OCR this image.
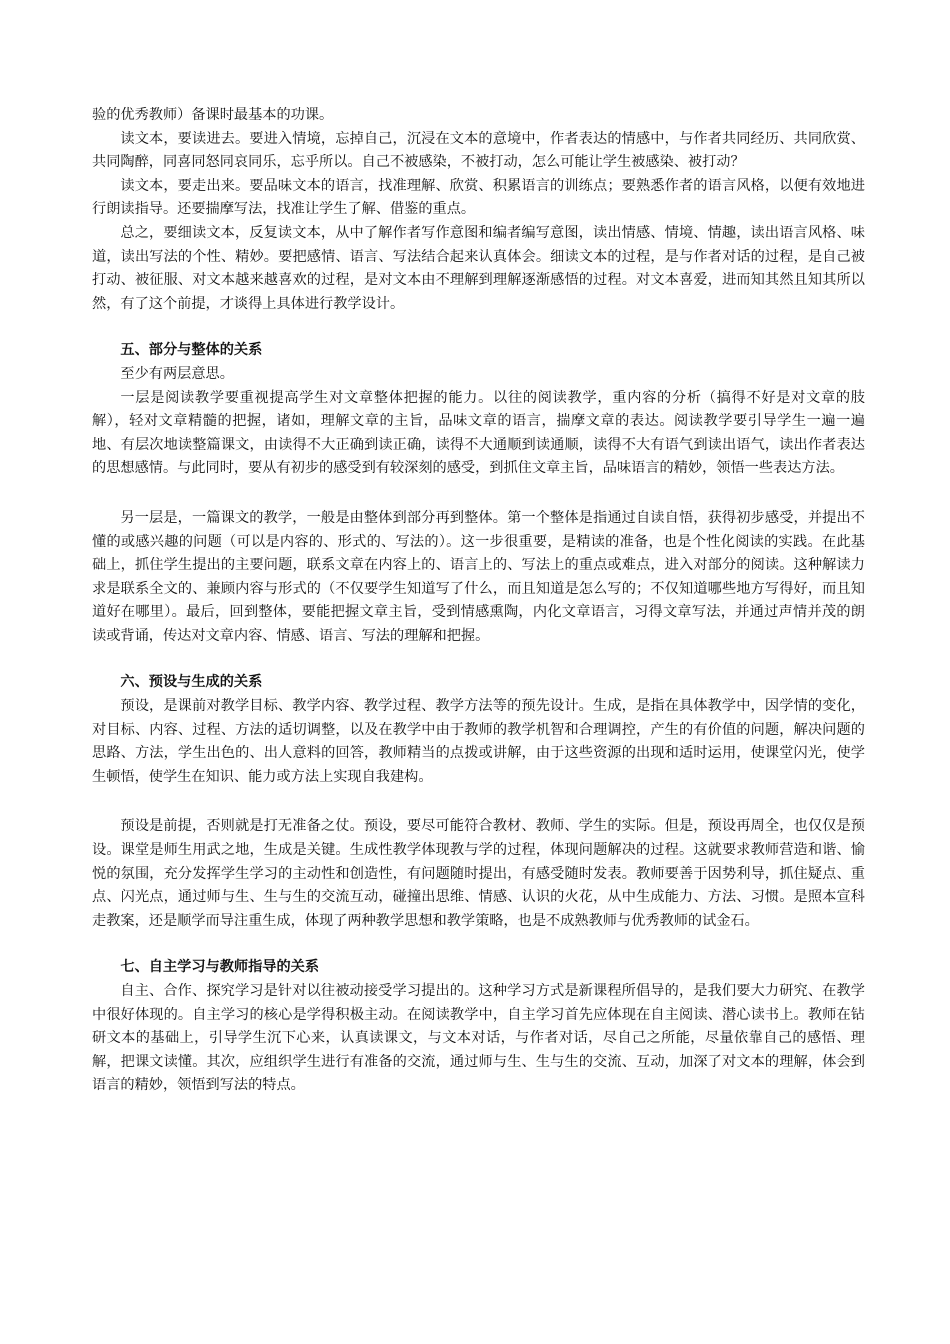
验的优秀教师）备课时最基本的功课。

读文本，要读进去。要进入情境，忘掉自己，沉浸在文本的意境中，作者表达的情感中，与作者共同经历、共同欣赏、共同陶醉，同喜同怒同哀同乐，忘乎所以。自己不被感染，不被打动，怎么可能让学生被感染、被打动？

读文本，要走出来。要品味文本的语言，找准理解、欣赏、积累语言的训练点；要熟悉作者的语言风格，以便有效地进行朗读指导。还要揣摩写法，找准让学生了解、借鉴的重点。

总之，要细读文本，反复读文本，从中了解作者写作意图和编者编写意图，读出情感、情境、情趣，读出语言风格、味道，读出写法的个性、精妙。要把感情、语言、写法结合起来认真体会。细读文本的过程，是与作者对话的过程，是自己被打动、被征服、对文本越来越喜欢的过程，是对文本由不理解到理解逐渐感悟的过程。对文本喜爱，进而知其然且知其所以然，有了这个前提，才谈得上具体进行教学设计。

五、部分与整体的关系

至少有两层意思。

一层是阅读教学要重视提高学生对文章整体把握的能力。以往的阅读教学，重内容的分析（搞得不好是对文章的肢解），轻对文章精髓的把握，诸如，理解文章的主旨，品味文章的语言，揣摩文章的表达。阅读教学要引导学生一遍一遍地、有层次地读整篇课文，由读得不大正确到读正确，读得不大通顺到读通顺，读得不大有语气到读出语气，读出作者表达的思想感情。与此同时，要从有初步的感受到有较深刻的感受，到抓住文章主旨，品味语言的精妙，领悟一些表达方法。

另一层是，一篇课文的教学，一般是由整体到部分再到整体。第一个整体是指通过自读自悟，获得初步感受，并提出不懂的或感兴趣的问题（可以是内容的、形式的、写法的）。这一步很重要，是精读的准备，也是个性化阅读的实践。在此基础上，抓住学生提出的主要问题，联系文章在内容上的、语言上的、写法上的重点或难点，进入对部分的阅读。这种解读力求是联系全文的、兼顾内容与形式的（不仅要学生知道写了什么，而且知道是怎么写的；不仅知道哪些地方写得好，而且知道好在哪里）。最后，回到整体，要能把握文章主旨，受到情感熏陶，内化文章语言，习得文章写法，并通过声情并茂的朗读或背诵，传达对文章内容、情感、语言、写法的理解和把握。

六、预设与生成的关系

预设，是课前对教学目标、教学内容、教学过程、教学方法等的预先设计。生成，是指在具体教学中，因学情的变化，对目标、内容、过程、方法的适切调整，以及在教学中由于教师的教学机智和合理调控，产生的有价值的问题，解决问题的思路、方法，学生出色的、出人意料的回答，教师精当的点拨或讲解，由于这些资源的出现和适时运用，使课堂闪光，使学生顿悟，使学生在知识、能力或方法上实现自我建构。

预设是前提，否则就是打无准备之仗。预设，要尽可能符合教材、教师、学生的实际。但是，预设再周全，也仅仅是预设。课堂是师生用武之地，生成是关键。生成性教学体现教与学的过程，体现问题解决的过程。这就要求教师营造和谐、愉悦的氛围，充分发挥学生学习的主动性和创造性，有问题随时提出，有感受随时发表。教师要善于因势利导，抓住疑点、重点、闪光点，通过师与生、生与生的交流互动，碰撞出思维、情感、认识的火花，从中生成能力、方法、习惯。是照本宣科走教案，还是顺学而导注重生成，体现了两种教学思想和教学策略，也是不成熟教师与优秀教师的试金石。

七、自主学习与教师指导的关系

自主、合作、探究学习是针对以往被动接受学习提出的。这种学习方式是新课程所倡导的，是我们要大力研究、在教学中很好体现的。自主学习的核心是学得积极主动。在阅读教学中，自主学习首先应体现在自主阅读、潜心读书上。教师在钻研文本的基础上，引导学生沉下心来，认真读课文，与文本对话，与作者对话，尽自己之所能，尽量依靠自己的感悟、理解，把课文读懂。其次，应组织学生进行有准备的交流，通过师与生、生与生的交流、互动，加深了对文本的理解，体会到语言的精妙，领悟到写法的特点。
